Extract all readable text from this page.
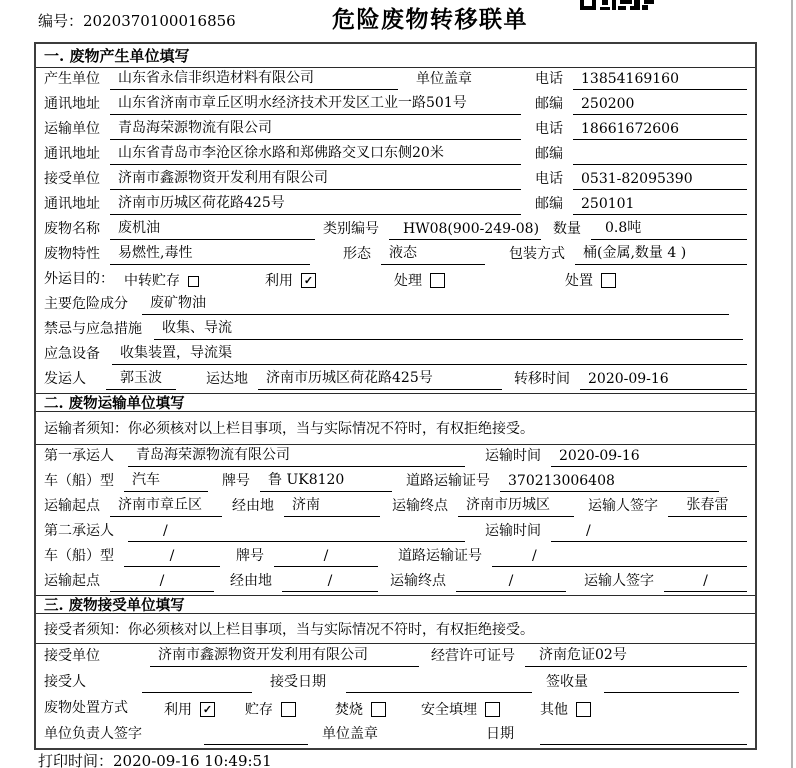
编号：2020370100016856	危险废物转移联单
一. 废物产生单位填写
产生单位	山东省永信非织造材料有限公司	单位盖章	电话	13854169160
通讯地址	山东省济南市章丘区明水经济技术开发区工业一路501号	邮编	250200
运输单位	青岛海荣源物流有限公司	电话	18661672606
通讯地址	山东省青岛市李沧区徐水路和郑佛路交叉口东侧20米	邮编
接受单位	济南市鑫源物资开发利用有限公司	电话	0531-82095390
通讯地址	济南市历城区荷花路425号	邮编	250101
废物名称	废机油	类别编号	HW08(900-249-08) 数量	0.8吨
废物特性	易燃性,毒性	形态	液态	包装方式	桶(金属,数量 4 )
外运目的： 中转贮存	利用 ✓	处理	处置
主要危险成分	废矿物油
禁忌与应急措施	收集、导流
应急设备	收集装置，导流渠
发运人	郭玉波	运达地	济南市历城区荷花路425号	转移时间	2020-09-16
二. 废物运输单位填写
运输者须知：你必须核对以上栏目事项，当与实际情况不符时，有权拒绝接受。
第一承运人	青岛海荣源物流有限公司	运输时间	2020-09-16
车（船）型	汽车	牌号	鲁 UK8120	道路运输证号	370213006408
运输起点	济南市章丘区	经由地	济南	运输终点	济南市历城区	运输人签字	张春雷
第二承运人	/	运输时间	/
车（船）型	/	牌号	/	道路运输证号	/
运输起点	/	经由地	/	运输终点	/	运输人签字	/
三. 废物接受单位填写
接受者须知：你必须核对以上栏目事项，当与实际情况不符时，有权拒绝接受。
接受单位	济南市鑫源物资开发利用有限公司	经营许可证号	济南危证02号
接受人	接受日期	签收量
废物处置方式	利用 ✓ 贮存	焚烧	安全填埋	其他
单位负责人签字	单位盖章	日期
打印时间：2020-09-16 10:49:51
